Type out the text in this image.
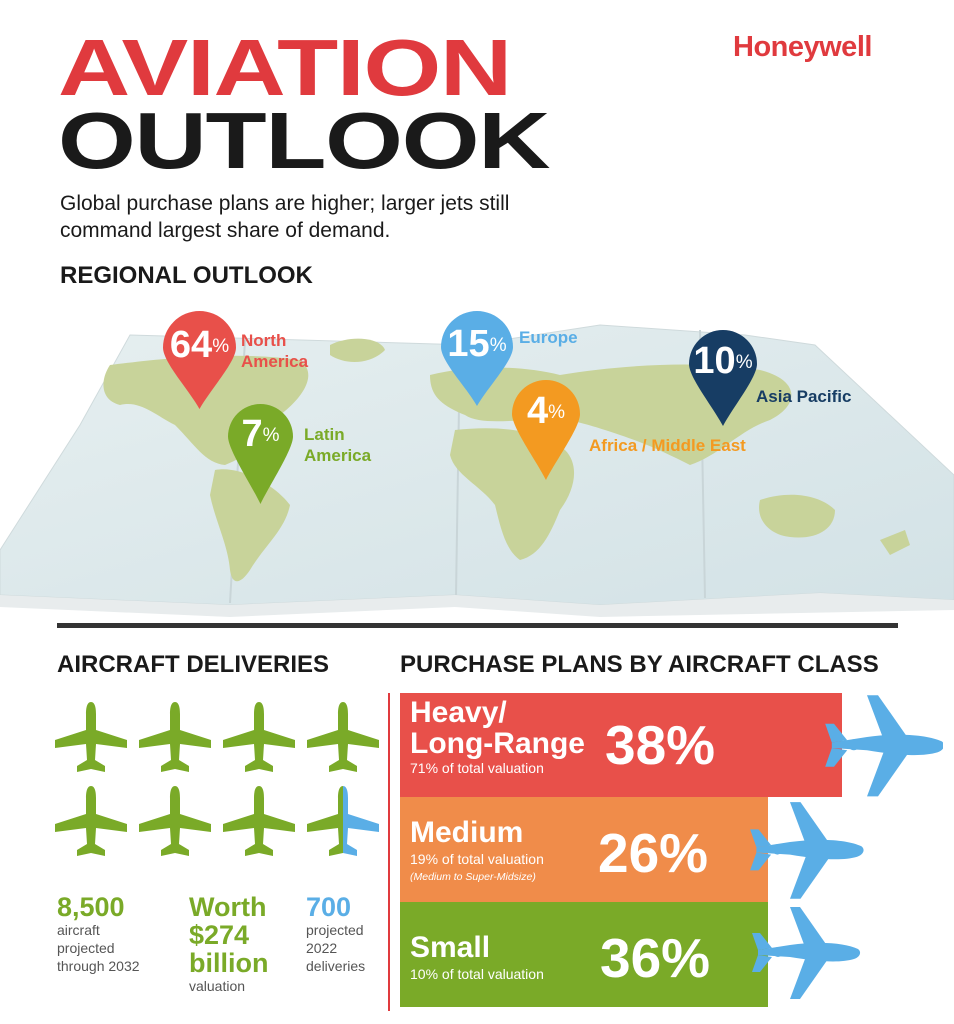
AVIATION
OUTLOOK
Honeywell
Global purchase plans are higher; larger jets still command largest share of demand.
REGIONAL OUTLOOK
64% North
America
7%	Latin
America
15% Europe
4%
Africa / Middle East
10%
Asia Pacific
AIRCRAFT DELIVERIES
8,500
aircraft
projected
through 2032
Worth
$274
billion
valuation
700
projected
2022
deliveries
PURCHASE PLANS BY AIRCRAFT CLASS
Heavy/
Long-Range
71% of total valuation 38%
Medium
19% of total valuation
(Medium to Super-Midsize) 26%
Small
10% of total valuation 36%
